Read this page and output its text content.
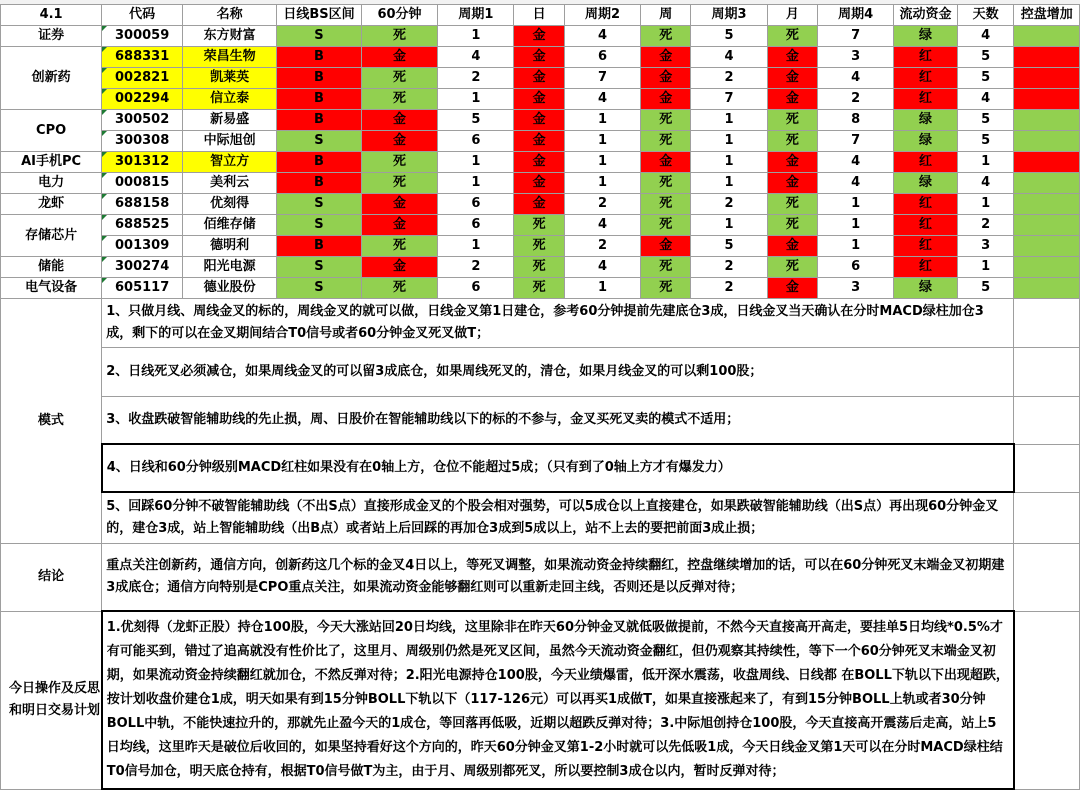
4.1	代码	名称	日线BS区间	60分钟	周期1	日	周期2	周	周期3	月	周期4	流动资金	天数	控盘增加
证券	300059	东方财富	S	死	1	金	4	死	5	死	7	绿	4	
创新药	688331	荣昌生物	B	金	4	金	6	金	4	金	3	红	5	
	002821	凯莱英	B	死	2	金	7	金	2	金	4	红	5	
	002294	信立泰	B	死	1	金	4	金	7	金	2	红	4	
CPO	300502	新易盛	B	金	5	金	1	死	1	死	8	绿	5	
	300308	中际旭创	S	金	6	金	1	死	1	死	7	绿	5	
AI手机PC	301312	智立方	B	死	1	金	1	金	1	金	4	红	1	
电力	000815	美利云	B	死	1	金	1	死	1	金	4	绿	4	
龙虾	688158	优刻得	S	金	6	金	2	死	2	死	1	红	1	
存储芯片	688525	佰维存储	S	金	6	死	4	死	1	死	1	红	2	
	001309	德明利	B	死	1	死	2	金	5	金	1	红	3	
储能	300274	阳光电源	S	金	2	死	4	死	2	死	6	红	1	
电气设备	605117	德业股份	S	死	6	死	1	死	2	金	3	绿	5	
模式	1、只做月线、周线金叉的标的，周线金叉的就可以做，日线金叉第1日建仓，参考60分钟提前先建底仓3成，日线金叉当天确认在分时MACD绿柱加仓3成，剩下的可以在金叉期间结合T0信号或者60分钟金叉死叉做T；													
	2、日线死叉必须减仓，如果周线金叉的可以留3成底仓，如果周线死叉的，清仓，如果月线金叉的可以剩100股；													
	3、收盘跌破智能辅助线的先止损，周、日股价在智能辅助线以下的标的不参与，金叉买死叉卖的模式不适用；													
	4、日线和60分钟级别MACD红柱如果没有在0轴上方，仓位不能超过5成；（只有到了0轴上方才有爆发力）													
	5、回踩60分钟不破智能辅助线（不出S点）直接形成金叉的个股会相对强势，可以5成仓以上直接建仓，如果跌破智能辅助线（出S点）再出现60分钟金叉的，建仓3成，站上智能辅助线（出B点）或者站上后回踩的再加仓3成到5成以上，站不上去的要把前面3成止损；													
结论	重点关注创新药，通信方向，创新药这几个标的金叉4日以上，等死叉调整，如果流动资金持续翻红，控盘继续增加的话，可以在60分钟死叉末端金叉初期建3成底仓；通信方向特别是CPO重点关注，如果流动资金能够翻红则可以重新走回主线，否则还是以反弹对待；													
今日操作及反思和明日交易计划	1.优刻得（龙虾正股）持仓100股，今天大涨站回20日均线，这里除非在昨天60分钟金叉就低吸做提前，不然今天直接高开高走，要挂单5日均线*0.5%才有可能买到，错过了追高就没有性价比了，这里月、周级别仍然是死叉区间，虽然今天流动资金翻红，但仍观察其持续性，等下一个60分钟死叉末端金叉初期，如果流动资金持续翻红就加仓，不然反弹对待；2.阳光电源持仓100股，今天业绩爆雷，低开深水震荡，收盘周线、日线都 在BOLL下轨以下出现超跌，按计划收盘价建仓1成，明天如果有到15分钟BOLL下轨以下（117-126元）可以再买1成做T，如果直接涨起来了，有到15分钟BOLL上轨或者30分钟BOLL中轨，不能快速拉升的，那就先止盈今天的1成仓，等回落再低吸，近期以超跌反弹对待；3.中际旭创持仓100股，今天直接高开震荡后走高，站上5日均线，这里昨天是破位后收回的，如果坚持看好这个方向的，昨天60分钟金叉第1-2小时就可以先低吸1成，今天日线金叉第1天可以在分时MACD绿柱结T0信号加仓，明天底仓持有，根据T0信号做T为主，由于月、周级别都死叉，所以要控制3成仓以内，暂时反弹对待；													
